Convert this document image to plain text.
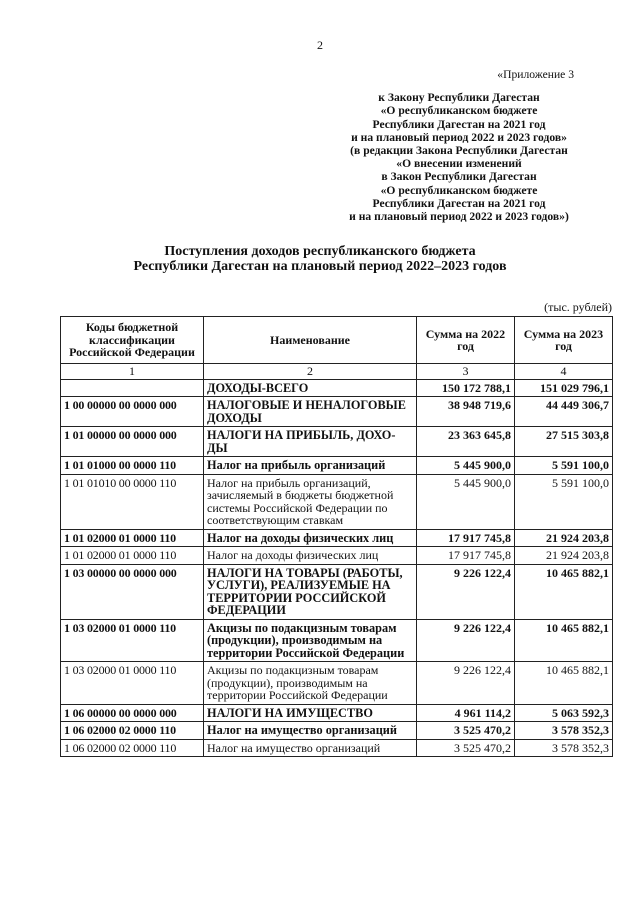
2
«Приложение 3
к Закону Республики Дагестан
«О республиканском бюджете
Республики Дагестан на 2021 год
и на плановый период 2022 и 2023 годов»
(в редакции Закона Республики Дагестан
«О внесении изменений
в Закон Республики Дагестан
«О республиканском бюджете
Республики Дагестан на 2021 год
и на плановый период 2022 и 2023 годов»)
Поступления доходов республиканского бюджета
Республики Дагестан на плановый период 2022–2023 годов
(тыс. рублей)
Коды бюджетной классификации Российской Федерации	Наименование	Сумма на 2022 год	Сумма на 2023 год
1	2	3	4
	ДОХОДЫ-ВСЕГО	150 172 788,1	151 029 796,1
1 00 00000 00 0000 000	НАЛОГОВЫЕ И НЕНАЛОГОВЫЕ ДОХОДЫ	38 948 719,6	44 449 306,7
1 01 00000 00 0000 000	НАЛОГИ НА ПРИБЫЛЬ, ДОХО-ДЫ	23 363 645,8	27 515 303,8
1 01 01000 00 0000 110	Налог на прибыль организаций	5 445 900,0	5 591 100,0
1 01 01010 00 0000 110	Налог на прибыль организаций, зачисляемый в бюджеты бюджетной системы Российской Федерации по соответствующим ставкам	5 445 900,0	5 591 100,0
1 01 02000 01 0000 110	Налог на доходы физических лиц	17 917 745,8	21 924 203,8
1 01 02000 01 0000 110	Налог на доходы физических лиц	17 917 745,8	21 924 203,8
1 03 00000 00 0000 000	НАЛОГИ НА ТОВАРЫ (РАБОТЫ, УСЛУГИ), РЕАЛИЗУЕМЫЕ НА ТЕРРИТОРИИ РОССИЙСКОЙ ФЕДЕРАЦИИ	9 226 122,4	10 465 882,1
1 03 02000 01 0000 110	Акцизы по подакцизным товарам (продукции), производимым на территории Российской Федерации	9 226 122,4	10 465 882,1
1 03 02000 01 0000 110	Акцизы по подакцизным товарам (продукции), производимым на территории Российской Федерации	9 226 122,4	10 465 882,1
1 06 00000 00 0000 000	НАЛОГИ НА ИМУЩЕСТВО	4 961 114,2	5 063 592,3
1 06 02000 02 0000 110	Налог на имущество организаций	3 525 470,2	3 578 352,3
1 06 02000 02 0000 110	Налог на имущество организаций	3 525 470,2	3 578 352,3
